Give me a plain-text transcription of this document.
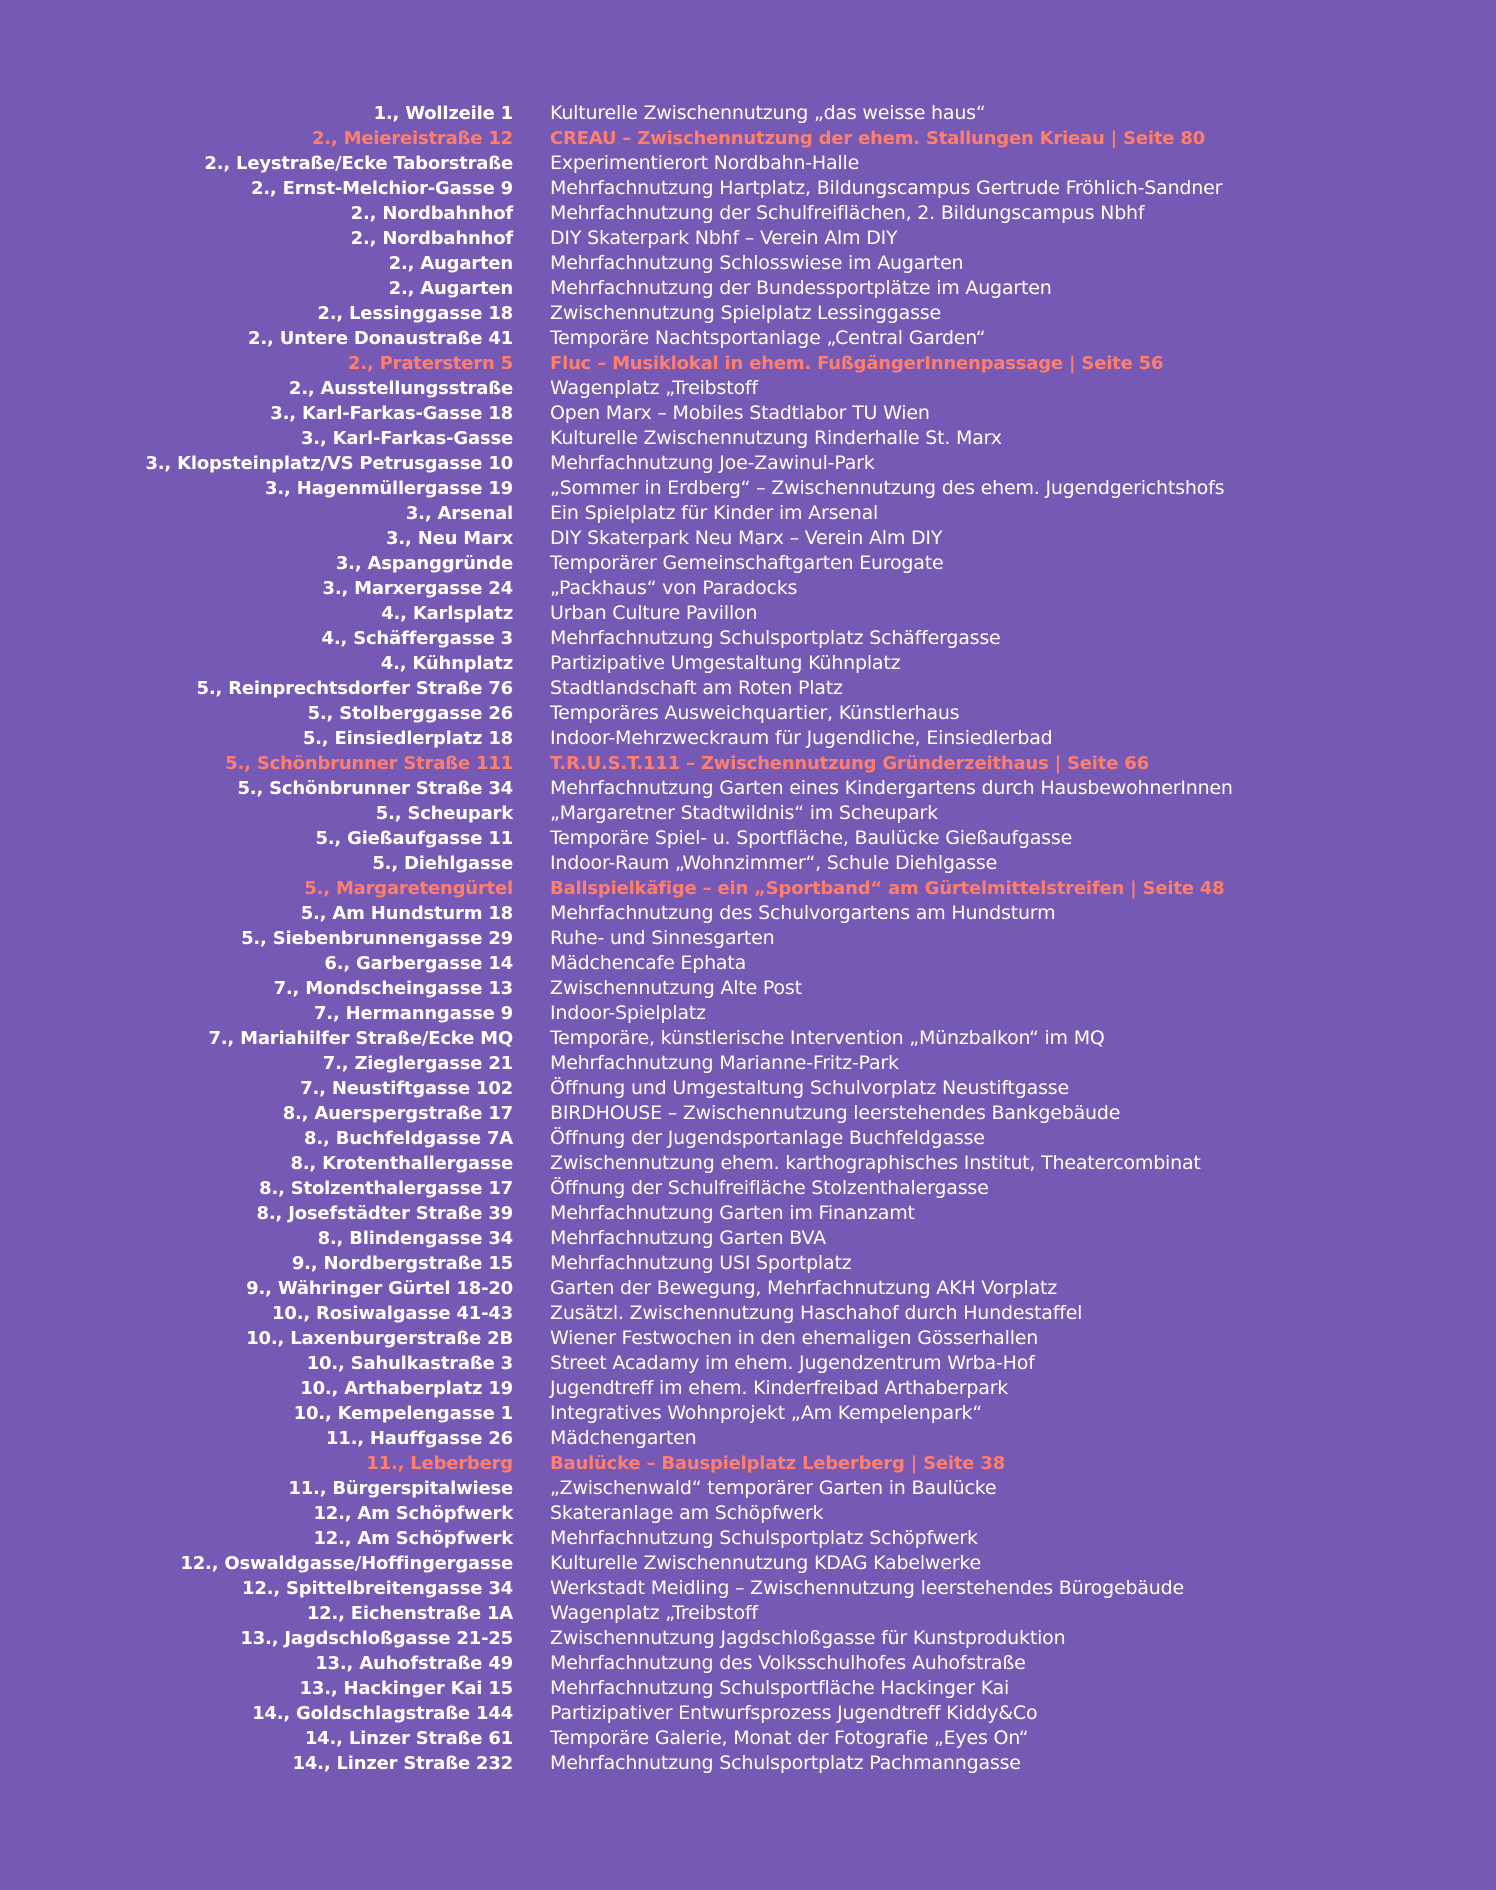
1., Wollzeile 1 Kulturelle Zwischennutzung „das weisse haus“
2., Meiereistraße 12 CREAU – Zwischennutzung der ehem. Stallungen Krieau | Seite 80
2., Leystraße/Ecke Taborstraße Experimentierort Nordbahn-Halle
2., Ernst-Melchior-Gasse 9 Mehrfachnutzung Hartplatz, Bildungscampus Gertrude Fröhlich-Sandner
2., Nordbahnhof Mehrfachnutzung der Schulfreiflächen, 2. Bildungscampus Nbhf
2., Nordbahnhof DIY Skaterpark Nbhf – Verein Alm DIY
2., Augarten Mehrfachnutzung Schlosswiese im Augarten
2., Augarten Mehrfachnutzung der Bundessportplätze im Augarten
2., Lessinggasse 18 Zwischennutzung Spielplatz Lessinggasse
2., Untere Donaustraße 41 Temporäre Nachtsportanlage „Central Garden“
2., Praterstern 5 Fluc – Musiklokal in ehem. FußgängerInnenpassage | Seite 56
2., Ausstellungsstraße Wagenplatz „Treibstoff
3., Karl-Farkas-Gasse 18 Open Marx – Mobiles Stadtlabor TU Wien
3., Karl-Farkas-Gasse Kulturelle Zwischennutzung Rinderhalle St. Marx
3., Klopsteinplatz/VS Petrusgasse 10 Mehrfachnutzung Joe-Zawinul-Park
3., Hagenmüllergasse 19 „Sommer in Erdberg“ – Zwischennutzung des ehem. Jugendgerichtshofs
3., Arsenal Ein Spielplatz für Kinder im Arsenal
3., Neu Marx DIY Skaterpark Neu Marx – Verein Alm DIY
3., Aspanggründe Temporärer Gemeinschaftgarten Eurogate
3., Marxergasse 24 „Packhaus“ von Paradocks
4., Karlsplatz Urban Culture Pavillon
4., Schäffergasse 3 Mehrfachnutzung Schulsportplatz Schäffergasse
4., Kühnplatz Partizipative Umgestaltung Kühnplatz
5., Reinprechtsdorfer Straße 76 Stadtlandschaft am Roten Platz
5., Stolberggasse 26 Temporäres Ausweichquartier, Künstlerhaus
5., Einsiedlerplatz 18 Indoor-Mehrzweckraum für Jugendliche, Einsiedlerbad
5., Schönbrunner Straße 111 T.R.U.S.T.111 – Zwischennutzung Gründerzeithaus | Seite 66
5., Schönbrunner Straße 34 Mehrfachnutzung Garten eines Kindergartens durch HausbewohnerInnen
5., Scheupark „Margaretner Stadtwildnis“ im Scheupark
5., Gießaufgasse 11 Temporäre Spiel- u. Sportfläche, Baulücke Gießaufgasse
5., Diehlgasse Indoor-Raum „Wohnzimmer“, Schule Diehlgasse
5., Margaretengürtel Ballspielkäfige – ein „Sportband“ am Gürtelmittelstreifen | Seite 48
5., Am Hundsturm 18 Mehrfachnutzung des Schulvorgartens am Hundsturm
5., Siebenbrunnengasse 29 Ruhe- und Sinnesgarten
6., Garbergasse 14 Mädchencafe Ephata
7., Mondscheingasse 13 Zwischennutzung Alte Post
7., Hermanngasse 9 Indoor-Spielplatz
7., Mariahilfer Straße/Ecke MQ Temporäre, künstlerische Intervention „Münzbalkon“ im MQ
7., Zieglergasse 21 Mehrfachnutzung Marianne-Fritz-Park
7., Neustiftgasse 102 Öffnung und Umgestaltung Schulvorplatz Neustiftgasse
8., Auerspergstraße 17 BIRDHOUSE – Zwischennutzung leerstehendes Bankgebäude
8., Buchfeldgasse 7A Öffnung der Jugendsportanlage Buchfeldgasse
8., Krotenthallergasse Zwischennutzung ehem. karthographisches Institut, Theatercombinat
8., Stolzenthalergasse 17 Öffnung der Schulfreifläche Stolzenthalergasse
8., Josefstädter Straße 39 Mehrfachnutzung Garten im Finanzamt
8., Blindengasse 34 Mehrfachnutzung Garten BVA
9., Nordbergstraße 15 Mehrfachnutzung USI Sportplatz
9., Währinger Gürtel 18-20 Garten der Bewegung, Mehrfachnutzung AKH Vorplatz
10., Rosiwalgasse 41-43 Zusätzl. Zwischennutzung Haschahof durch Hundestaffel
10., Laxenburgerstraße 2B Wiener Festwochen in den ehemaligen Gösserhallen
10., Sahulkastraße 3 Street Acadamy im ehem. Jugendzentrum Wrba-Hof
10., Arthaberplatz 19 Jugendtreff im ehem. Kinderfreibad Arthaberpark
10., Kempelengasse 1 Integratives Wohnprojekt „Am Kempelenpark“
11., Hauffgasse 26 Mädchengarten
11., Leberberg Baulücke – Bauspielplatz Leberberg | Seite 38
11., Bürgerspitalwiese „Zwischenwald“ temporärer Garten in Baulücke
12., Am Schöpfwerk Skateranlage am Schöpfwerk
12., Am Schöpfwerk Mehrfachnutzung Schulsportplatz Schöpfwerk
12., Oswaldgasse/Hoffingergasse Kulturelle Zwischennutzung KDAG Kabelwerke
12., Spittelbreitengasse 34 Werkstadt Meidling – Zwischennutzung leerstehendes Bürogebäude
12., Eichenstraße 1A Wagenplatz „Treibstoff
13., Jagdschloßgasse 21-25 Zwischennutzung Jagdschloßgasse für Kunstproduktion
13., Auhofstraße 49 Mehrfachnutzung des Volksschulhofes Auhofstraße
13., Hackinger Kai 15 Mehrfachnutzung Schulsportfläche Hackinger Kai
14., Goldschlagstraße 144 Partizipativer Entwurfsprozess Jugendtreff Kiddy&Co
14., Linzer Straße 61 Temporäre Galerie, Monat der Fotografie „Eyes On“
14., Linzer Straße 232 Mehrfachnutzung Schulsportplatz Pachmanngasse
